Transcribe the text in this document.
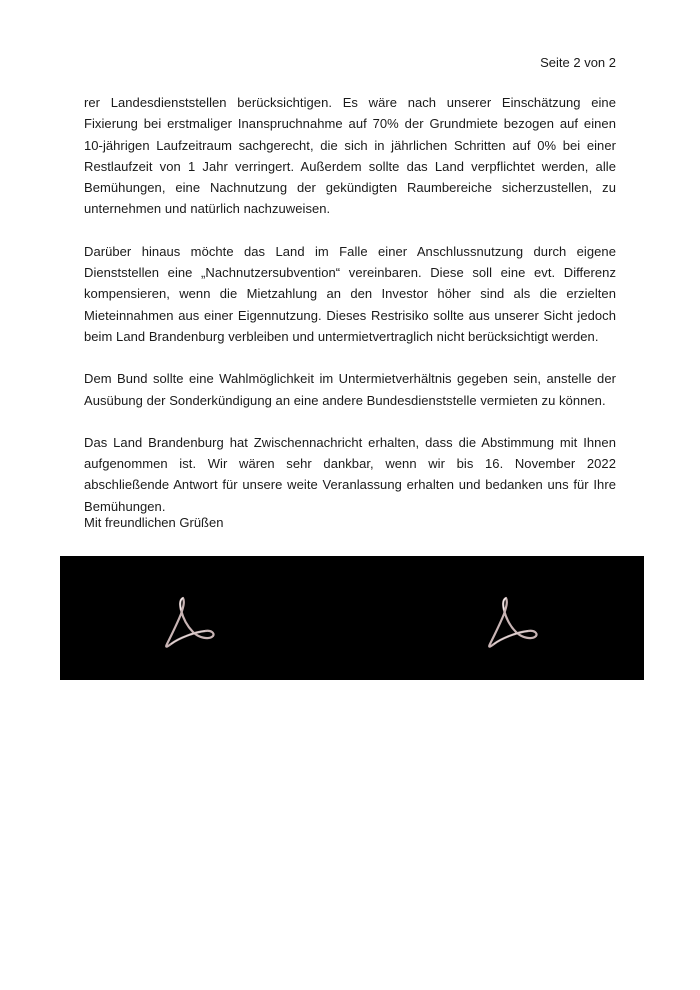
Seite 2 von 2

rer Landesdienststellen berücksichtigen. Es wäre nach unserer Einschätzung eine Fixierung bei erstmaliger Inanspruchnahme auf 70% der Grundmiete bezogen auf einen 10-jährigen Laufzeitraum sachgerecht, die sich in jährlichen Schritten auf 0% bei einer Restlaufzeit von 1 Jahr verringert. Außerdem sollte das Land verpflichtet werden, alle Bemühungen, eine Nachnutzung der gekündigten Raumbereiche sicherzustellen, zu unternehmen und natürlich nachzuweisen.

Darüber hinaus möchte das Land im Falle einer Anschlussnutzung durch eigene Dienststellen eine „Nachnutzersubvention“ vereinbaren. Diese soll eine evt. Differenz kompensieren, wenn die Mietzahlung an den Investor höher sind als die erzielten Mieteinnahmen aus einer Eigennutzung. Dieses Restrisiko sollte aus unserer Sicht jedoch beim Land Brandenburg verbleiben und untermietvertraglich nicht berücksichtigt werden.

Dem Bund sollte eine Wahlmöglichkeit im Untermietverhältnis gegeben sein, anstelle der Ausübung der Sonderkündigung an eine andere Bundesdienststelle vermieten zu können.

Das Land Brandenburg hat Zwischennachricht erhalten, dass die Abstimmung mit Ihnen aufgenommen ist. Wir wären sehr dankbar, wenn wir bis 16. November 2022 abschließende Antwort für unsere weite Veranlassung erhalten und bedanken uns für Ihre Bemühungen.

Mit freundlichen Grüßen
